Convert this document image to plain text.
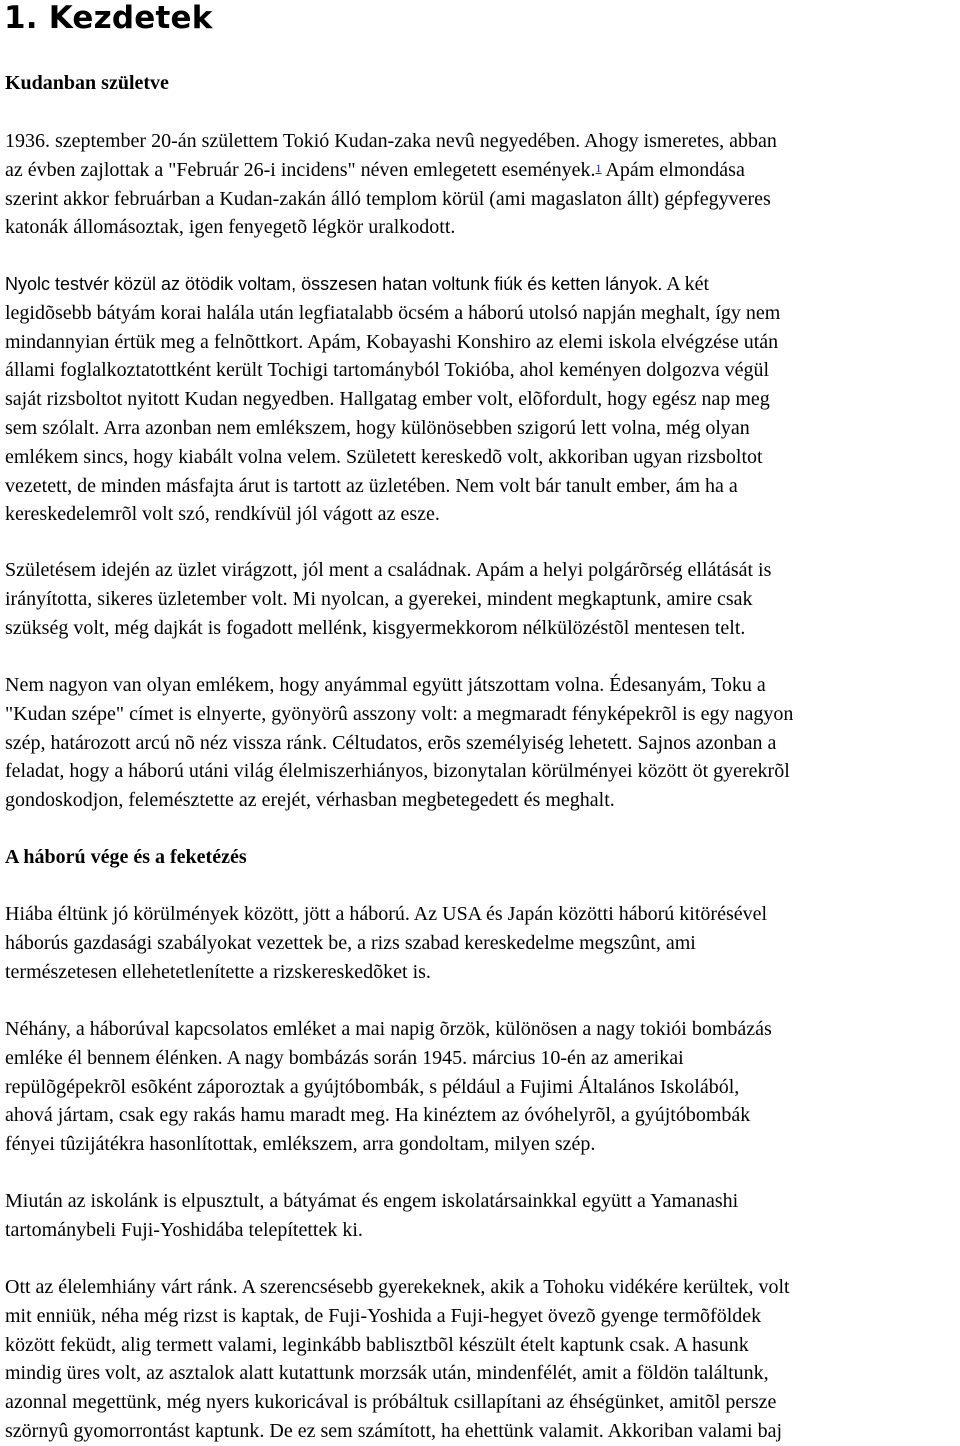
1. Kezdetek
Kudanban születve

1936. szeptember 20-án születtem Tokió Kudan-zaka nevû negyedében. Ahogy ismeretes, abban
az évben zajlottak a "Február 26-i incidens" néven emlegetett események.$^1$ Apám elmondása
szerint akkor februárban a Kudan-zakán álló templom körül (ami magaslaton állt) gépfegyveres
katonák állomásoztak, igen fenyegetõ légkör uralkodott.

Nyolc testvér közül az ötödik voltam, összesen hatan voltunk fiúk és ketten lányok. A két
legidõsebb bátyám korai halála után legfiatalabb öcsém a háború utolsó napján meghalt, így nem
mindannyian értük meg a felnõttkort. Apám, Kobayashi Konshiro az elemi iskola elvégzése után
állami foglalkoztatottként került Tochigi tartományból Tokióba, ahol keményen dolgozva végül
saját rizsboltot nyitott Kudan negyedben. Hallgatag ember volt, elõfordult, hogy egész nap meg
sem szólalt. Arra azonban nem emlékszem, hogy különösebben szigorú lett volna, még olyan
emlékem sincs, hogy kiabált volna velem. Született kereskedõ volt, akkoriban ugyan rizsboltot
vezetett, de minden másfajta árut is tartott az üzletében. Nem volt bár tanult ember, ám ha a
kereskedelemrõl volt szó, rendkívül jól vágott az esze.

Születésem idején az üzlet virágzott, jól ment a családnak. Apám a helyi polgárõrség ellátását is
irányította, sikeres üzletember volt. Mi nyolcan, a gyerekei, mindent megkaptunk, amire csak
szükség volt, még dajkát is fogadott mellénk, kisgyermekkorom nélkülözéstõl mentesen telt.

Nem nagyon van olyan emlékem, hogy anyámmal együtt játszottam volna. Édesanyám, Toku a
"Kudan szépe" címet is elnyerte, gyönyörû asszony volt: a megmaradt fényképekrõl is egy nagyon
szép, határozott arcú nõ néz vissza ránk. Céltudatos, erõs személyiség lehetett. Sajnos azonban a
feladat, hogy a háború utáni világ élelmiszerhiányos, bizonytalan körülményei között öt gyerekrõl
gondoskodjon, felemésztette az erejét, vérhasban megbetegedett és meghalt.

A háború vége és a feketézés

Hiába éltünk jó körülmények között, jött a háború. Az USA és Japán közötti háború kitörésével
háborús gazdasági szabályokat vezettek be, a rizs szabad kereskedelme megszûnt, ami
természetesen ellehetetlenítette a rizskereskedõket is.

Néhány, a háborúval kapcsolatos emléket a mai napig õrzök, különösen a nagy tokiói bombázás
emléke él bennem élénken. A nagy bombázás során 1945. március 10-én az amerikai
repülõgépekrõl esõként záporoztak a gyújtóbombák, s például a Fujimi Általános Iskolából,
ahová jártam, csak egy rakás hamu maradt meg. Ha kinéztem az óvóhelyrõl, a gyújtóbombák
fényei tûzijátékra hasonlítottak, emlékszem, arra gondoltam, milyen szép.

Miután az iskolánk is elpusztult, a bátyámat és engem iskolatársainkkal együtt a Yamanashi
tartománybeli Fuji-Yoshidába telepítettek ki.

Ott az élelemhiány várt ránk. A szerencsésebb gyerekeknek, akik a Tohoku vidékére kerültek, volt
mit enniük, néha még rizst is kaptak, de Fuji-Yoshida a Fuji-hegyet övezõ gyenge termõföldek
között feküdt, alig termett valami, leginkább bablisztbõl készült ételt kaptunk csak. A hasunk
mindig üres volt, az asztalok alatt kutattunk morzsák után, mindenfélét, amit a földön találtunk,
azonnal megettünk, még nyers kukoricával is próbáltuk csillapítani az éhségünket, amitõl persze
szörnyû gyomorrontást kaptunk. De ez sem számított, ha ehettünk valamit. Akkoriban valami baj
